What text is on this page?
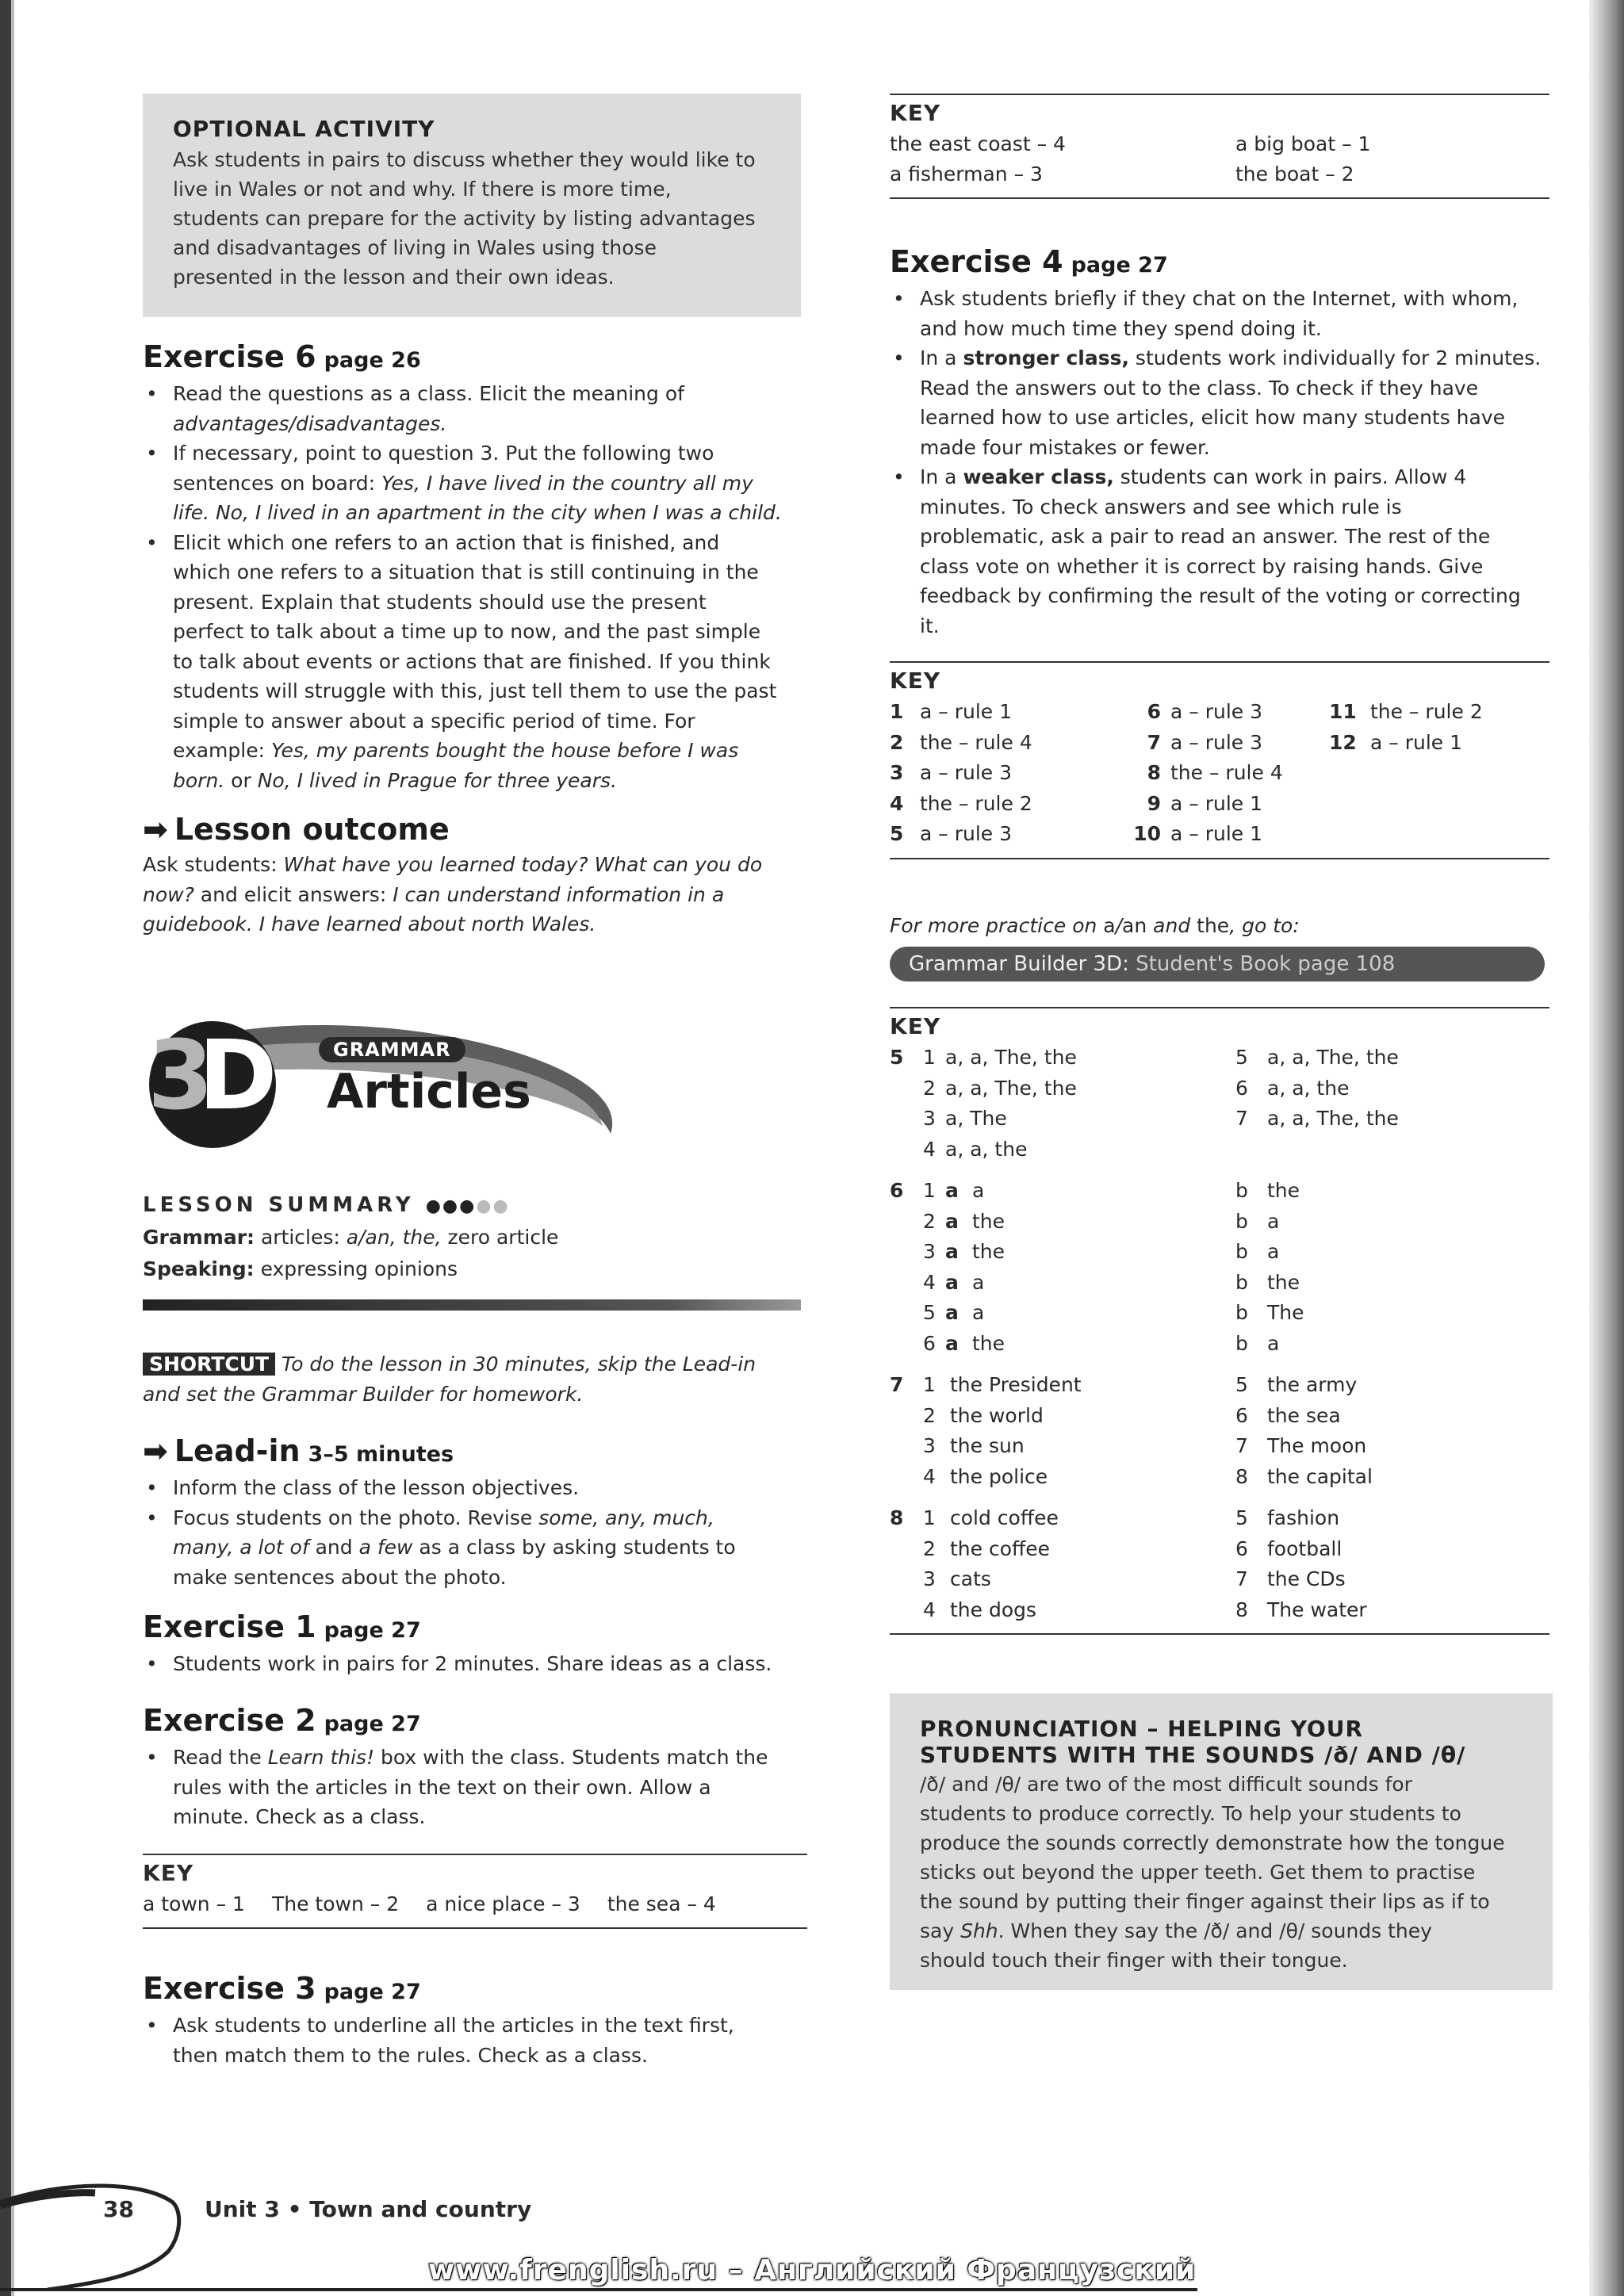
OPTIONAL ACTIVITY

Ask students in pairs to discuss whether they would like to

live in Wales or not and why. If there is more time,

students can prepare for the activity by listing advantages

and disadvantages of living in Wales using those

presented in the lesson and their own ideas.

Exercise 6 page 26
• Read the questions as a class. Elicit the meaning of
advantages/disadvantages.
• If necessary, point to question 3. Put the following two
sentences on board: Yes, I have lived in the country all my
life. No, I lived in an apartment in the city when I was a child.
• Elicit which one refers to an action that is finished, and
which one refers to a situation that is still continuing in the
present. Explain that students should use the present
perfect to talk about a time up to now, and the past simple
to talk about events or actions that are finished. If you think
students will struggle with this, just tell them to use the past
simple to answer about a specific period of time. For
example: Yes, my parents bought the house before I was
born. or No, I lived in Prague for three years.
➡ Lesson outcome

Ask students: What have you learned today? What can you do
now? and elicit answers: I can understand information in a
guidebook. I have learned about north Wales.

3
D	GRAMMAR
Articles
LESSON SUMMARY ●●●●●

Grammar: articles: a/an, the, zero article

Speaking: expressing opinions

SHORTCUT To do the lesson in 30 minutes, skip the Lead-in
and set the Grammar Builder for homework.

➡ Lead-in 3–5 minutes
• Inform the class of the lesson objectives.
• Focus students on the photo. Revise some, any, much,
many, a lot of and a few as a class by asking students to
make sentences about the photo.
Exercise 1 page 27
• Students work in pairs for 2 minutes. Share ideas as a class.
Exercise 2 page 27
• Read the Learn this! box with the class. Students match the
rules with the articles in the text on their own. Allow a
minute. Check as a class.
KEY
a town – 1 The town – 2 a nice place – 3 the sea – 4
Exercise 3 page 27
• Ask students to underline all the articles in the text first,
then match them to the rules. Check as a class.
KEY
the east coast – 4
a fisherman – 3
a big boat – 1
the boat – 2
Exercise 4 page 27
• Ask students briefly if they chat on the Internet, with whom,
and how much time they spend doing it.
• In a stronger class, students work individually for 2 minutes.
Read the answers out to the class. To check if they have
learned how to use articles, elicit how many students have
made four mistakes or fewer.
• In a weaker class, students can work in pairs. Allow 4
minutes. To check answers and see which rule is
problematic, ask a pair to read an answer. The rest of the
class vote on whether it is correct by raising hands. Give
feedback by confirming the result of the voting or correcting
it.
KEY
1 a – rule 1
2 the – rule 4
3 a – rule 3
4 the – rule 2
5 a – rule 3
6 a – rule 3
7 a – rule 3
8 the – rule 4
9 a – rule 1
10 a – rule 1
11 the – rule 2
12 a – rule 1

For more practice on a/an and the, go to:

Grammar Builder 3D: Student's Book page 108
KEY
5 1 a, a, The, the
2 a, a, The, the
3 a, The
4 a, a, the
5 a, a, The, the
6 a, a, the
7 a, a, The, the
6 1 a a
2 a the
3 a the
4 a a
5 a a
6 a the
b the
b a
b a
b the
b The
b a
7 1 the President
2 the world
3 the sun
4 the police
5 the army
6 the sea
7 The moon
8 the capital
8 1 cold coffee
2 the coffee
3 cats
4 the dogs
5 fashion
6 football
7 the CDs
8 The water
PRONUNCIATION – HELPING YOUR
STUDENTS WITH THE SOUNDS /ð/ AND /θ/

/ð/ and /θ/ are two of the most difficult sounds for

students to produce correctly. To help your students to

produce the sounds correctly demonstrate how the tongue

sticks out beyond the upper teeth. Get them to practise

the sound by putting their finger against their lips as if to

say Shh. When they say the /ð/ and /θ/ sounds they

should touch their finger with their tongue.

38	Unit 3 • Town and country
www.frenglish.ru – Английский Французский
